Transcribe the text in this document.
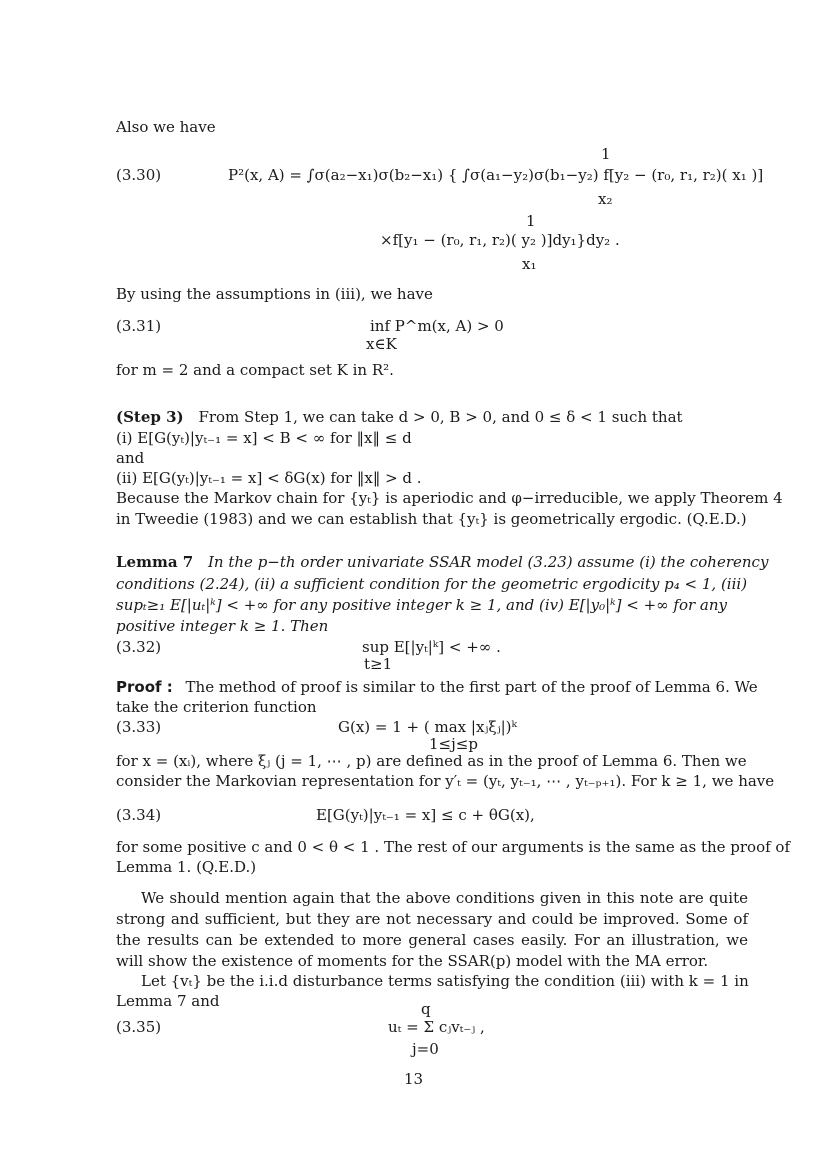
Also we have
(3.30)
1
P²(x, A) = ∫σ(a₂−x₁)σ(b₂−x₁) { ∫σ(a₁−y₂)σ(b₁−y₂) f[y₂ − (r₀, r₁, r₂)( x₁ )]
x₂
1
×f[y₁ − (r₀, r₁, r₂)( y₂ )]dy₁}dy₂ .
x₁
By using the assumptions in (iii), we have
(3.31)	inf P^m(x, A) > 0
x∈K
for m = 2 and a compact set K in R².
(Step 3) From Step 1, we can take d > 0, B > 0, and 0 ≤ δ < 1 such that
(i) E[G(yₜ)|yₜ₋₁ = x] < B < ∞ for ‖x‖ ≤ d
and
(ii) E[G(yₜ)|yₜ₋₁ = x] < δG(x) for ‖x‖ > d .
Because the Markov chain for {yₜ} is aperiodic and φ−irreducible, we apply Theorem 4
in Tweedie (1983) and we can establish that {yₜ} is geometrically ergodic. (Q.E.D.)
Lemma 7 In the p−th order univariate SSAR model (3.23) assume (i) the coherency
conditions (2.24), (ii) a sufficient condition for the geometric ergodicity p₄ < 1, (iii)
supₜ≥₁ E[|uₜ|ᵏ] < +∞ for any positive integer k ≥ 1, and (iv) E[|y₀|ᵏ] < +∞ for any
positive integer k ≥ 1. Then
(3.32)	sup E[|yₜ|ᵏ] < +∞ .
t≥1
Proof : The method of proof is similar to the first part of the proof of Lemma 6. We
take the criterion function
(3.33)	G(x) = 1 + ( max |xⱼξⱼ|)ᵏ
1≤j≤p
for x = (xᵢ), where ξⱼ (j = 1, ⋯ , p) are defined as in the proof of Lemma 6. Then we
consider the Markovian representation for y′ₜ = (yₜ, yₜ₋₁, ⋯ , yₜ₋ₚ₊₁). For k ≥ 1, we have
(3.34)	E[G(yₜ)|yₜ₋₁ = x] ≤ c + θG(x),
for some positive c and 0 < θ < 1 . The rest of our arguments is the same as the proof of
Lemma 1. (Q.E.D.)
We should mention again that the above conditions given in this note are quite strong and sufficient, but they are not necessary and could be improved. Some of the results can be extended to more general cases easily. For an illustration, we will show the existence of moments for the SSAR(p) model with the MA error.
Let {vₜ} be the i.i.d disturbance terms satisfying the condition (iii) with k = 1 in
Lemma 7 and
(3.35)
q
uₜ = Σ cⱼvₜ₋ⱼ ,
j=0
13
